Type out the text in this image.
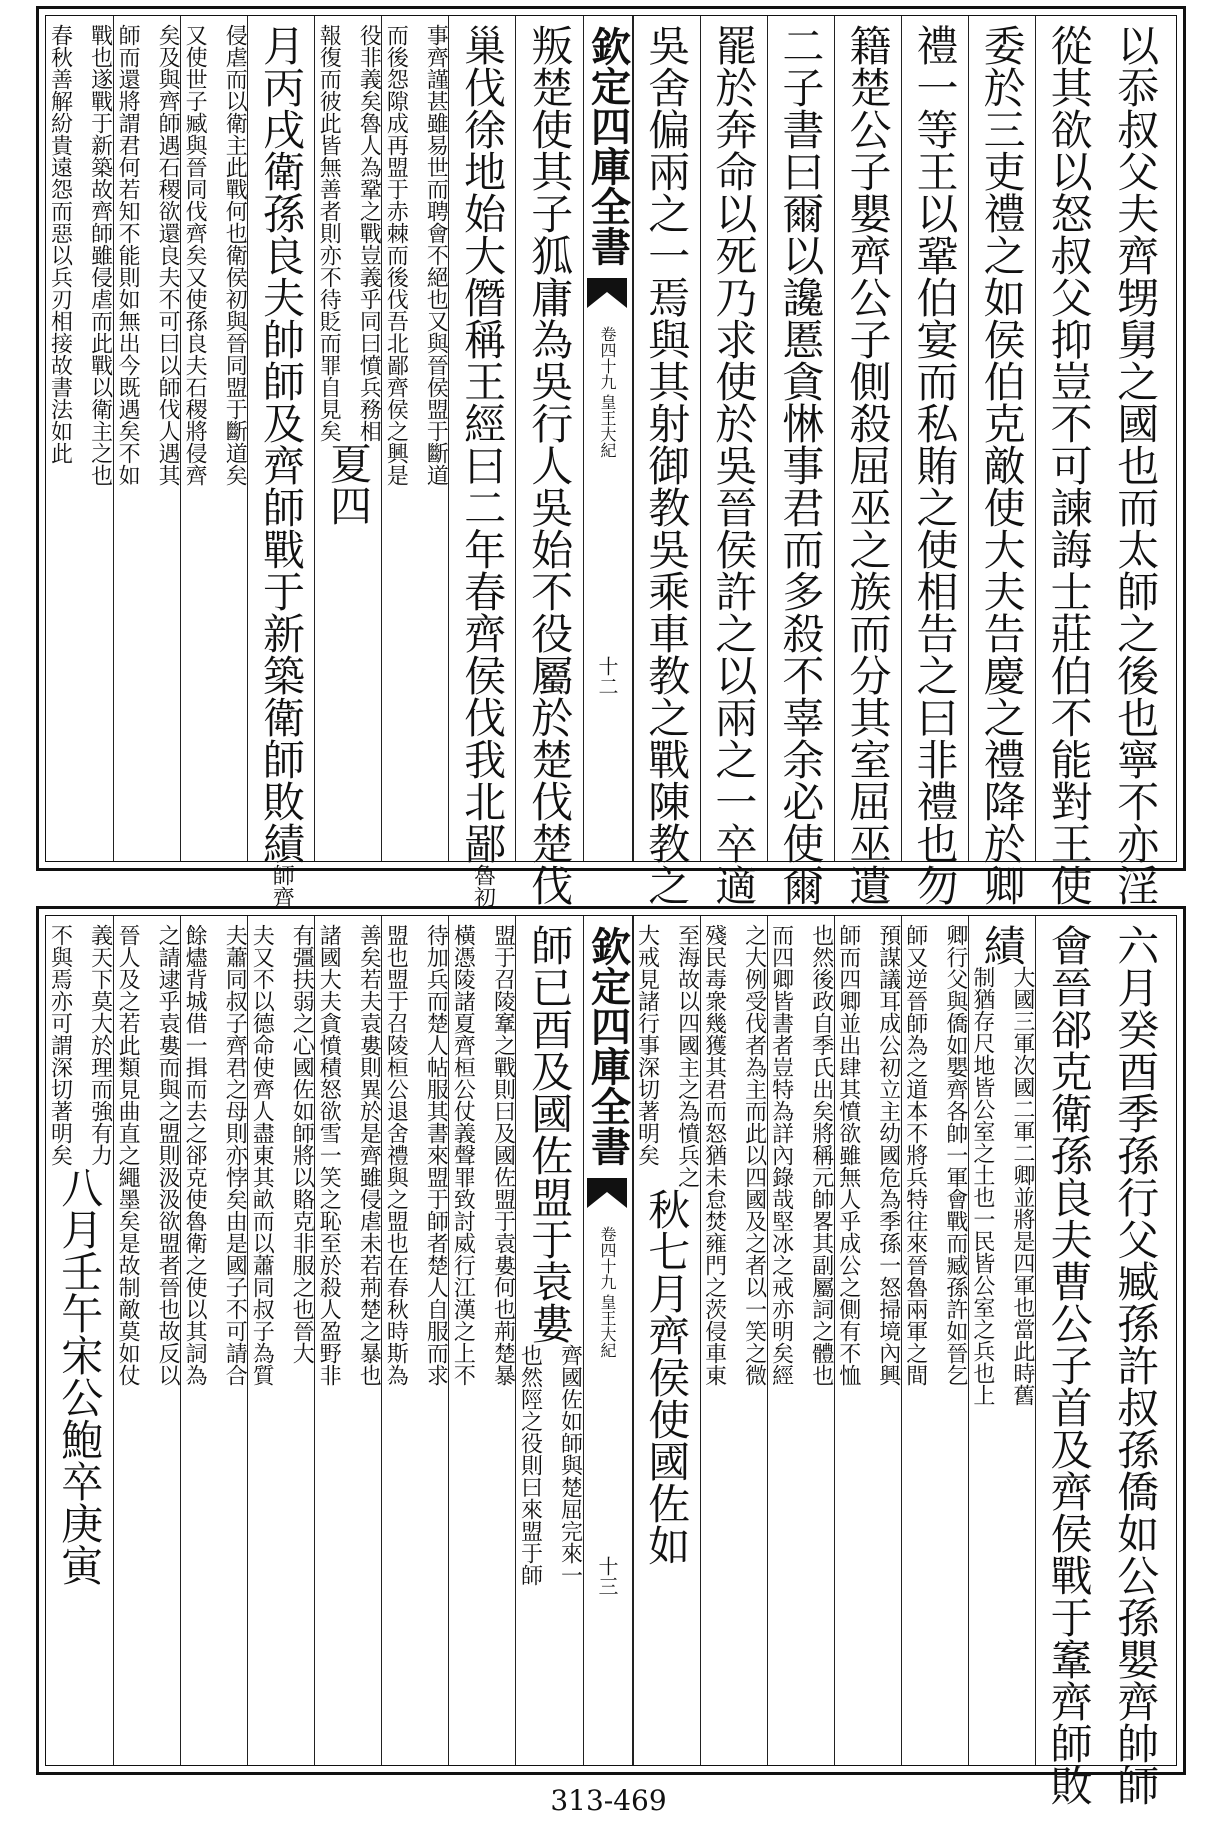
以忝叔父夫齊甥舅之國也而太師之後也寧不亦淫
從其欲以怒叔父抑豈不可諫誨士莊伯不能對王使
委於三吏禮之如侯伯克敵使大夫告慶之禮降於卿
禮一等王以鞏伯宴而私賄之使相告之曰非禮也勿
籍楚公子嬰齊公子側殺屈巫之族而分其室屈巫遺
二子書曰爾以讒慝貪惏事君而多殺不辜余必使爾
罷於奔命以死乃求使於吳晉侯許之以兩之一卒適
吳舍偏兩之一焉與其射御教吳乘車教之戰陳教之
欽定四庫全書
皇王大紀
卷四十九
十二
叛楚使其子狐庸為吳行人吳始不役屬於楚伐楚伐
巢伐徐地始大僭稱王經曰二年春齊侯伐我北鄙
魯初
事齊謹甚雖易世而聘會不絕也又與晉侯盟于斷道
而後怨隙成再盟于赤棘而後伐吾北鄙齊侯之興是
役非義矣魯人為鞏之戰豈義乎同曰憤兵務相
報復而彼此皆無善者則亦不待貶而罪自見矣
夏四
月丙戌衛孫良夫帥師及齊師戰于新築衛師敗績
師齊
侵虐而以衛主此戰何也衛侯初與晉同盟于斷道矣
又使世子臧與晉同伐齊矣又使孫良夫石稷將侵齊
矣及與齊師遇石稷欲還良夫不可曰以師伐人遇其
師而還將謂君何若知不能則如無出今既遇矣不如
戰也遂戰于新築故齊師雖侵虐而此戰以衛主之也
春秋善解紛貴遠怨而惡以兵刃相接故書法如此
六月癸酉季孫行父臧孫許叔孫僑如公孫嬰齊帥師
會晉郤克衛孫良夫曹公子首及齊侯戰于鞌齊師敗
績
大國三軍次國二軍二卿並將是四軍也當此時舊
制猶存尺地皆公室之土也一民皆公室之兵也上
卿行父與僑如嬰齊各帥一軍會戰而臧孫許如晉乞
師又逆晉師為之道本不將兵特往來晉魯兩軍之間
預謀議耳成公初立主幼國危為季孫一怒掃境內興
師而四卿並出肆其憤欲雖無人乎成公之側有不恤
也然後政自季氏出矣將稱元帥畧其副屬詞之體也
而四卿皆書者豈特為詳內錄哉堅冰之戒亦明矣經
之大例受伐者為主而此以四國及之者以一笑之微
殘民毒衆幾獲其君而怒猶未怠焚雍門之茨侵車東
至海故以四國主之為憤兵之
大戒見諸行事深切著明矣
秋七月齊侯使國佐如
欽定四庫全書
皇王大紀
卷四十九
十三
師已酉及國佐盟于袁婁
齊國佐如師與楚屈完來一
也然陘之役則曰來盟于師
盟于召陵鞌之戰則曰及國佐盟于袁婁何也荊楚暴
橫憑陵諸夏齊桓公仗義聲罪致討威行江漢之上不
待加兵而楚人帖服其書來盟于師者楚人自服而求
盟也盟于召陵桓公退舍禮與之盟也在春秋時斯為
善矣若夫袁婁則異於是齊雖侵虐未若荊楚之暴也
諸國大夫貪憤積怒欲雪一笑之恥至於殺人盈野非
有彊扶弱之心國佐如師將以賂克非服之也晉大
夫又不以德命使齊人盡東其畝而以蕭同叔子為質
夫蕭同叔子齊君之母則亦悖矣由是國子不可請合
餘燼背城借一揖而去之郤克使魯衛之使以其詞為
之請逮乎袁婁而與之盟則汲汲欲盟者晉也故反以
晉人及之若此類見曲直之繩墨矣是故制敵莫如仗
義天下莫大於理而強有力
不與焉亦可謂深切著明矣
八月壬午宋公鮑卒庚寅
313-469
